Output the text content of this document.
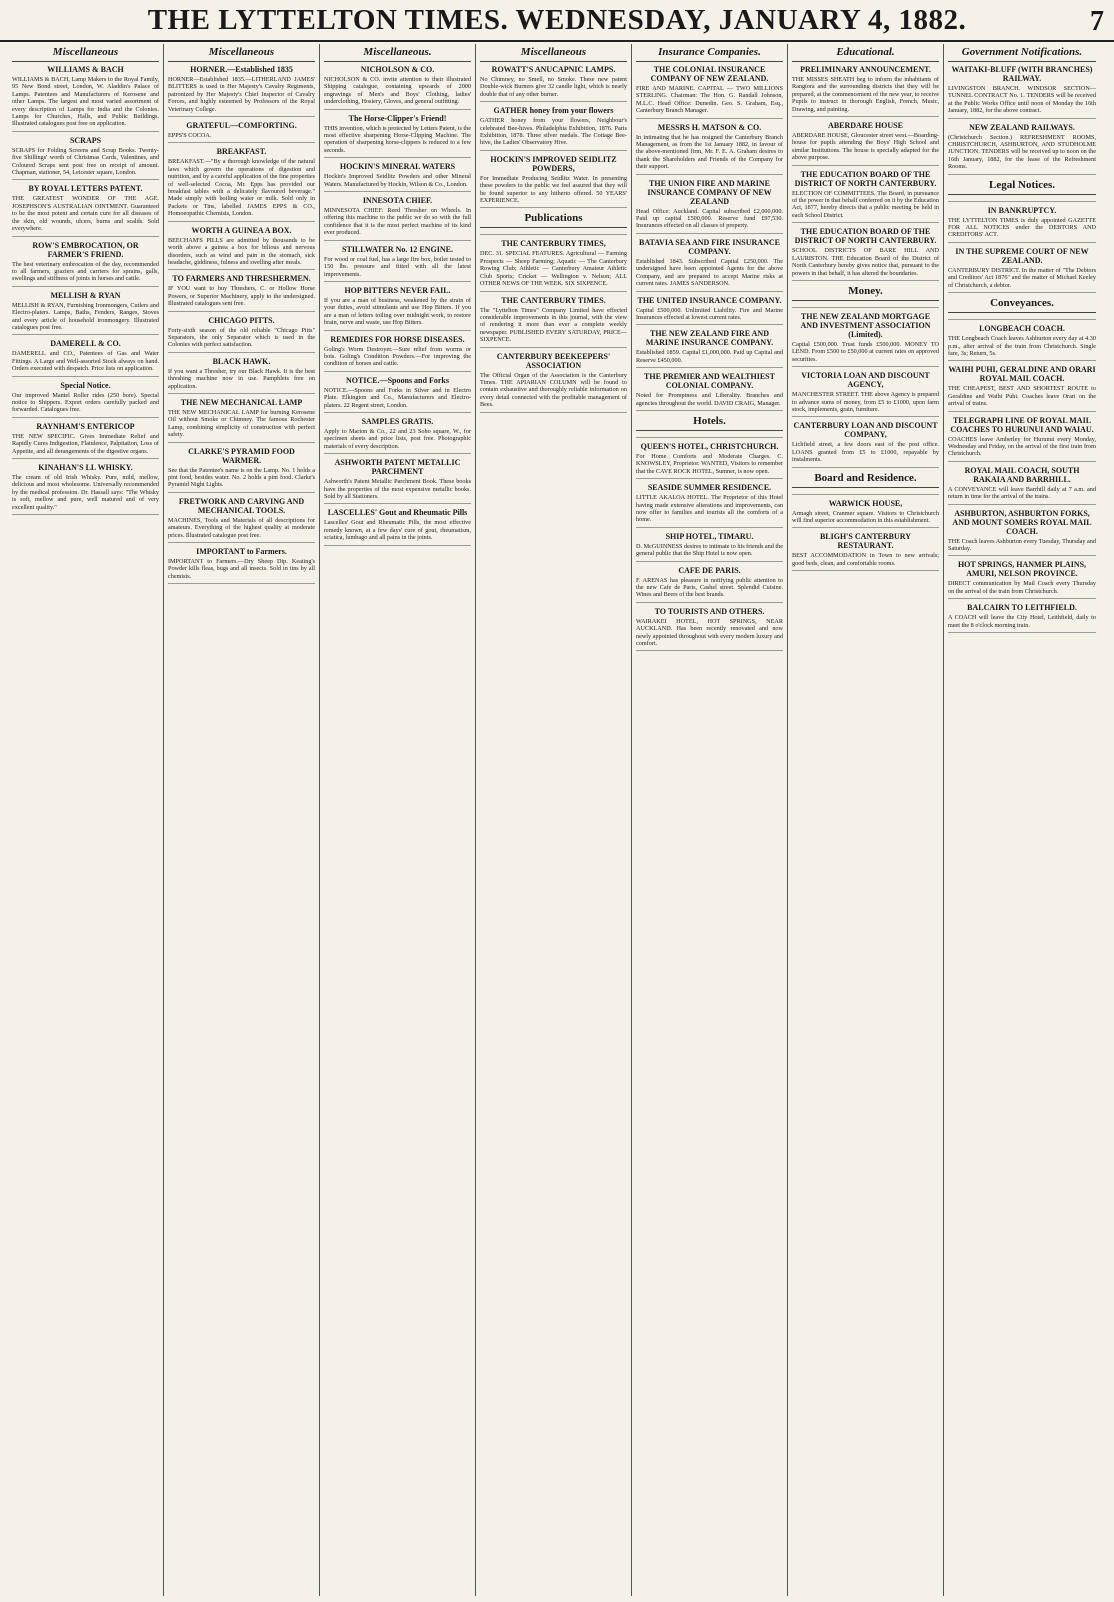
THE LYTTELTON TIMES. WEDNESDAY, JANUARY 4, 1882.	7
Miscellaneous
WILLIAMS & BACH
WILLIAMS & BACH, Lamp Makers to the Royal Family, 95 New Bond street, London, W. Aladdin's Palace of Lamps. Patentees and Manufacturers of Kerosene and other Lamps. The largest and most varied assortment of every description of Lamps for India and the Colonies. Lamps for Churches, Halls, and Public Buildings. Illustrated catalogues post free on application.
SCRAPS
SCRAPS for Folding Screens and Scrap Books. Twenty-five Shillings' worth of Christmas Cards, Valentines, and Coloured Scraps sent post free on receipt of amount. Chapman, stationer, 54, Leicester square, London.
BY ROYAL LETTERS PATENT.
THE GREATEST WONDER OF THE AGE. JOSEPHSON'S AUSTRALIAN OINTMENT. Guaranteed to be the most potent and certain cure for all diseases of the skin, old wounds, ulcers, burns and scalds. Sold everywhere.
ROW'S EMBROCATION, OR FARMER'S FRIEND.
The best veterinary embrocation of the day, recommended to all farmers, graziers and carriers for sprains, galls, swellings and stiffness of joints in horses and cattle.
MELLISH & RYAN
MELLISH & RYAN, Furnishing Ironmongers, Cutlers and Electro-platers. Lamps, Baths, Fenders, Ranges, Stoves and every article of household ironmongery. Illustrated catalogues post free.
DAMERELL & CO.
DAMERELL and CO., Patentees of Gas and Water Fittings. A Large and Well-assorted Stock always on hand. Orders executed with despatch. Price lists on application.
Special Notice.
Our improved Mantel Roller rides (250 bore). Special notice to Shippers. Export orders carefully packed and forwarded. Catalogues free.
RAYNHAM'S ENTERICOP
THE NEW SPECIFIC. Gives Immediate Relief and Rapidly Cures Indigestion, Flatulence, Palpitation, Loss of Appetite, and all derangements of the digestive organs.
KINAHAN'S LL WHISKY.
The cream of old Irish Whisky. Pure, mild, mellow, delicious and most wholesome. Universally recommended by the medical profession. Dr. Hassall says: "The Whisky is soft, mellow and pure, well matured and of very excellent quality."
Miscellaneous
HORNER.—Established 1835
HORNER—Established 1835.—LITHERLAND JAMES' BLITTERS is used in Her Majesty's Cavalry Regiments, patronized by Her Majesty's Chief Inspector of Cavalry Forces, and highly esteemed by Professors of the Royal Veterinary College.
GRATEFUL—COMFORTING.
EPPS'S COCOA.
BREAKFAST.
BREAKFAST.—"By a thorough knowledge of the natural laws which govern the operations of digestion and nutrition, and by a careful application of the fine properties of well-selected Cocoa, Mr. Epps has provided our breakfast tables with a delicately flavoured beverage." Made simply with boiling water or milk. Sold only in Packets or Tins, labelled JAMES EPPS & CO., Homoeopathic Chemists, London.
WORTH A GUINEA A BOX.
BEECHAM'S PILLS are admitted by thousands to be worth above a guinea a box for bilious and nervous disorders, such as wind and pain in the stomach, sick headache, giddiness, fulness and swelling after meals.
TO FARMERS AND THRESHERMEN.
IF YOU want to buy Threshers, C. or Hollow Horse Powers, or Superior Machinery, apply to the undersigned. Illustrated catalogues sent free.
CHICAGO PITTS.
Forty-sixth season of the old reliable "Chicago Pitts" Separators, the only Separator which is used in the Colonies with perfect satisfaction.
BLACK HAWK.
If you want a Thresher, try our Black Hawk. It is the best threshing machine now in use. Pamphlets free on application.
THE NEW MECHANICAL LAMP
THE NEW MECHANICAL LAMP for burning Kerosene Oil without Smoke or Chimney. The famous Rochester Lamp, combining simplicity of construction with perfect safety.
CLARKE'S PYRAMID FOOD WARMER.
See that the Patentee's name is on the Lamp. No. 1 holds a pint food, besides water. No. 2 holds a pint food. Clarke's Pyramid Night Lights.
FRETWORK AND CARVING AND MECHANICAL TOOLS.
MACHINES, Tools and Materials of all descriptions for amateurs. Everything of the highest quality at moderate prices. Illustrated catalogue post free.
IMPORTANT to Farmers.
IMPORTANT to Farmers.—Dry Sheep Dip. Keating's Powder kills fleas, bugs and all insects. Sold in tins by all chemists.
Miscellaneous.
NICHOLSON & CO.
NICHOLSON & CO. invite attention to their illustrated Shipping catalogue, containing upwards of 2000 engravings of Men's and Boys' Clothing, ladies' underclothing, Hosiery, Gloves, and general outfitting.
The Horse-Clipper's Friend!
THIS invention, which is protected by Letters Patent, is the most effective sharpening Horse-Clipping Machine. The operation of sharpening horse-clippers is reduced to a few seconds.
HOCKIN'S MINERAL WATERS
Hockin's Improved Seidlitz Powders and other Mineral Waters. Manufactured by Hockin, Wilson & Co., London.
INNESOTA CHIEF.
MINNESOTA CHIEF. Reed Thresher on Wheels. In offering this machine to the public we do so with the full confidence that it is the most perfect machine of its kind ever produced.
STILLWATER No. 12 ENGINE.
For wood or coal fuel, has a large fire box, boiler tested to 150 lbs. pressure and fitted with all the latest improvements.
HOP BITTERS NEVER FAIL.
If you are a man of business, weakened by the strain of your duties, avoid stimulants and use Hop Bitters. If you are a man of letters toiling over midnight work, to restore brain, nerve and waste, use Hop Bitters.
REMEDIES FOR HORSE DISEASES.
Goling's Worm Destroyer.—Sure relief from worms or bots. Goling's Condition Powders.—For improving the condition of horses and cattle.
NOTICE.—Spoons and Forks
NOTICE.—Spoons and Forks in Silver and in Electro Plate. Elkington and Co., Manufacturers and Electro-platers. 22 Regent street, London.
SAMPLES GRATIS.
Apply to Marion & Co., 22 and 23 Soho square, W., for specimen sheets and price lists, post free. Photographic materials of every description.
ASHWORTH PATENT METALLIC PARCHMENT
Ashworth's Patent Metallic Parchment Book. These books have the properties of the most expensive metallic books. Sold by all Stationers.
LASCELLES' Gout and Rheumatic Pills
Lascelles' Gout and Rheumatic Pills, the most effective remedy known, at a few days' cure of gout, rheumatism, sciatica, lumbago and all pains in the joints.
Miscellaneous
ROWATT'S ANUCAPNIC LAMPS.
No Chimney, no Smell, no Smoke. These new patent Double-wick Burners give 32 candle light, which is nearly double that of any other burner.
GATHER honey from your flowers
GATHER honey from your flowers, Neighbour's celebrated Bee-hives. Philadelphia Exhibition, 1876. Paris Exhibition, 1878. Three silver medals. The Cottage Bee-hive, the Ladies' Observatory Hive.
HOCKIN'S IMPROVED SEIDLITZ POWDERS,
For Immediate Producing Seidlitz Water. In presenting these powders to the public we feel assured that they will be found superior to any hitherto offered. 50 YEARS' EXPERIENCE.
Publications
THE CANTERBURY TIMES,
DEC. 31. SPECIAL FEATURES. Agricultural — Farming Prospects — Sheep Farming; Aquatic — The Canterbury Rowing Club; Athletic — Canterbury Amateur Athletic Club Sports; Cricket — Wellington v. Nelson; ALL OTHER NEWS OF THE WEEK. SIX SIXPENCE.
THE CANTERBURY TIMES.
The "Lyttelton Times" Company Limited have effected considerable improvements in this journal, with the view of rendering it more than ever a complete weekly newspaper. PUBLISHED EVERY SATURDAY, PRICE—SIXPENCE.
CANTERBURY BEEKEEPERS' ASSOCIATION
The Official Organ of the Association is the Canterbury Times. THE APIARIAN COLUMN will be found to contain exhaustive and thoroughly reliable information on every detail connected with the profitable management of Bees.
Insurance Companies.
THE COLONIAL INSURANCE COMPANY OF NEW ZEALAND.
FIRE AND MARINE. CAPITAL — TWO MILLIONS STERLING. Chairman: The Hon. G. Randall Johnson, M.L.C. Head Office: Dunedin. Geo. S. Graham, Esq., Canterbury Branch Manager.
MESSRS H. MATSON & CO.
In intimating that he has resigned the Canterbury Branch Management, as from the 1st January 1882, in favour of the above-mentioned firm, Mr. F. E. A. Graham desires to thank the Shareholders and Friends of the Company for their support.
THE UNION FIRE AND MARINE INSURANCE COMPANY OF NEW ZEALAND
Head Office: Auckland. Capital subscribed £2,000,000. Paid up capital £500,000. Reserve fund £97,530. Insurances effected on all classes of property.
BATAVIA SEA AND FIRE INSURANCE COMPANY.
Established 1843. Subscribed Capital £250,000. The undersigned have been appointed Agents for the above Company, and are prepared to accept Marine risks at current rates. JAMES SANDERSON.
THE UNITED INSURANCE COMPANY.
Capital £500,000. Unlimited Liability. Fire and Marine Insurances effected at lowest current rates.
THE NEW ZEALAND FIRE AND MARINE INSURANCE COMPANY.
Established 1859. Capital £1,000,000. Paid up Capital and Reserve £450,000.
THE PREMIER AND WEALTHIEST COLONIAL COMPANY.
Noted for Promptness and Liberality. Branches and agencies throughout the world. DAVID CRAIG, Manager.
Hotels.
QUEEN'S HOTEL, CHRISTCHURCH.
For Home Comforts and Moderate Charges. C. KNOWSLEY, Proprietor. WANTED, Visitors to remember that the CAVE ROCK HOTEL, Sumner, is now open.
SEASIDE SUMMER RESIDENCE.
LITTLE AKALOA HOTEL. The Proprietor of this Hotel having made extensive alterations and improvements, can now offer to families and tourists all the comforts of a home.
SHIP HOTEL, TIMARU.
D. McGUINNESS desires to intimate to his friends and the general public that the Ship Hotel is now open.
CAFE DE PARIS.
F. ARENAS has pleasure in notifying public attention to the new Cafe de Paris, Cashel street. Splendid Cuisine. Wines and Beers of the best brands.
TO TOURISTS AND OTHERS.
WAIRAKEI HOTEL, HOT SPRINGS, NEAR AUCKLAND. Has been recently renovated and now newly appointed throughout with every modern luxury and comfort.
Educational.
PRELIMINARY ANNOUNCEMENT.
THE MISSES SHEATH beg to inform the inhabitants of Rangiora and the surrounding districts that they will be prepared, at the commencement of the new year, to receive Pupils to instruct in thorough English, French, Music, Drawing, and painting.
ABERDARE HOUSE
ABERDARE HOUSE, Gloucester street west.—Boarding-house for pupils attending the Boys' High School and similar Institutions. The house is specially adapted for the above purpose.
THE EDUCATION BOARD OF THE DISTRICT OF NORTH CANTERBURY.
ELECTION OF COMMITTEES. The Board, in pursuance of the power in that behalf conferred on it by the Education Act, 1877, hereby directs that a public meeting be held in each School District.
THE EDUCATION BOARD OF THE DISTRICT OF NORTH CANTERBURY.
SCHOOL DISTRICTS OF BARE HILL AND LAURISTON. THE Education Board of the District of North Canterbury hereby gives notice that, pursuant to the powers in that behalf, it has altered the boundaries.
Money.
THE NEW ZEALAND MORTGAGE AND INVESTMENT ASSOCIATION (Limited).
Capital £500,000. Trust funds £500,000. MONEY TO LEND. From £500 to £50,000 at current rates on approved securities.
VICTORIA LOAN AND DISCOUNT AGENCY,
MANCHESTER STREET. THE above Agency is prepared to advance sums of money, from £5 to £1000, upon farm stock, implements, grain, furniture.
CANTERBURY LOAN AND DISCOUNT COMPANY,
Lichfield street, a few doors east of the post office. LOANS granted from £5 to £1000, repayable by instalments.
Board and Residence.
WARWICK HOUSE,
Armagh street, Cranmer square. Visitors to Christchurch will find superior accommodation in this establishment.
BLIGH'S CANTERBURY RESTAURANT.
BEST ACCOMMODATION in Town to new arrivals; good beds, clean, and comfortable rooms.
Government Notifications.
WAITAKI-BLUFF (WITH BRANCHES) RAILWAY.
LIVINGSTON BRANCH. WINDSOR SECTION—TUNNEL CONTRACT No. 1. TENDERS will be received at the Public Works Office until noon of Monday the 16th January, 1882, for the above contract.
NEW ZEALAND RAILWAYS.
(Christchurch Section.) REFRESHMENT ROOMS, CHRISTCHURCH, ASHBURTON, AND STUDHOLME JUNCTION. TENDERS will be received up to noon on the 16th January, 1882, for the lease of the Refreshment Rooms.
Legal Notices.
IN BANKRUPTCY.
THE LYTTELTON TIMES is duly appointed GAZETTE FOR ALL NOTICES under the DEBTORS AND CREDITORS' ACT.
IN THE SUPREME COURT OF NEW ZEALAND.
CANTERBURY DISTRICT. In the matter of "The Debtors and Creditors' Act 1876" and the matter of Michael Keeley of Christchurch, a debtor.
Conveyances.
LONGBEACH COACH.
THE Longbeach Coach leaves Ashburton every day at 4.30 p.m., after arrival of the train from Christchurch. Single fare, 3s; Return, 5s.
WAIHI PUHI, GERALDINE AND ORARI ROYAL MAIL COACH.
THE CHEAPEST, BEST AND SHORTEST ROUTE to Geraldine and Waihi Puhi. Coaches leave Orari on the arrival of trains.
TELEGRAPH LINE OF ROYAL MAIL COACHES TO HURUNUI AND WAIAU.
COACHES leave Amberley for Hurunui every Monday, Wednesday and Friday, on the arrival of the first train from Christchurch.
ROYAL MAIL COACH, SOUTH RAKAIA AND BARRHILL.
A CONVEYANCE will leave Barrhill daily at 7 a.m. and return in time for the arrival of the trains.
ASHBURTON, ASHBURTON FORKS, AND MOUNT SOMERS ROYAL MAIL COACH.
THE Coach leaves Ashburton every Tuesday, Thursday and Saturday.
HOT SPRINGS, HANMER PLAINS, AMURI, NELSON PROVINCE.
DIRECT communication by Mail Coach every Thursday on the arrival of the train from Christchurch.
BALCAIRN TO LEITHFIELD.
A COACH will leave the City Hotel, Leithfield, daily to meet the 8 o'clock morning train.
